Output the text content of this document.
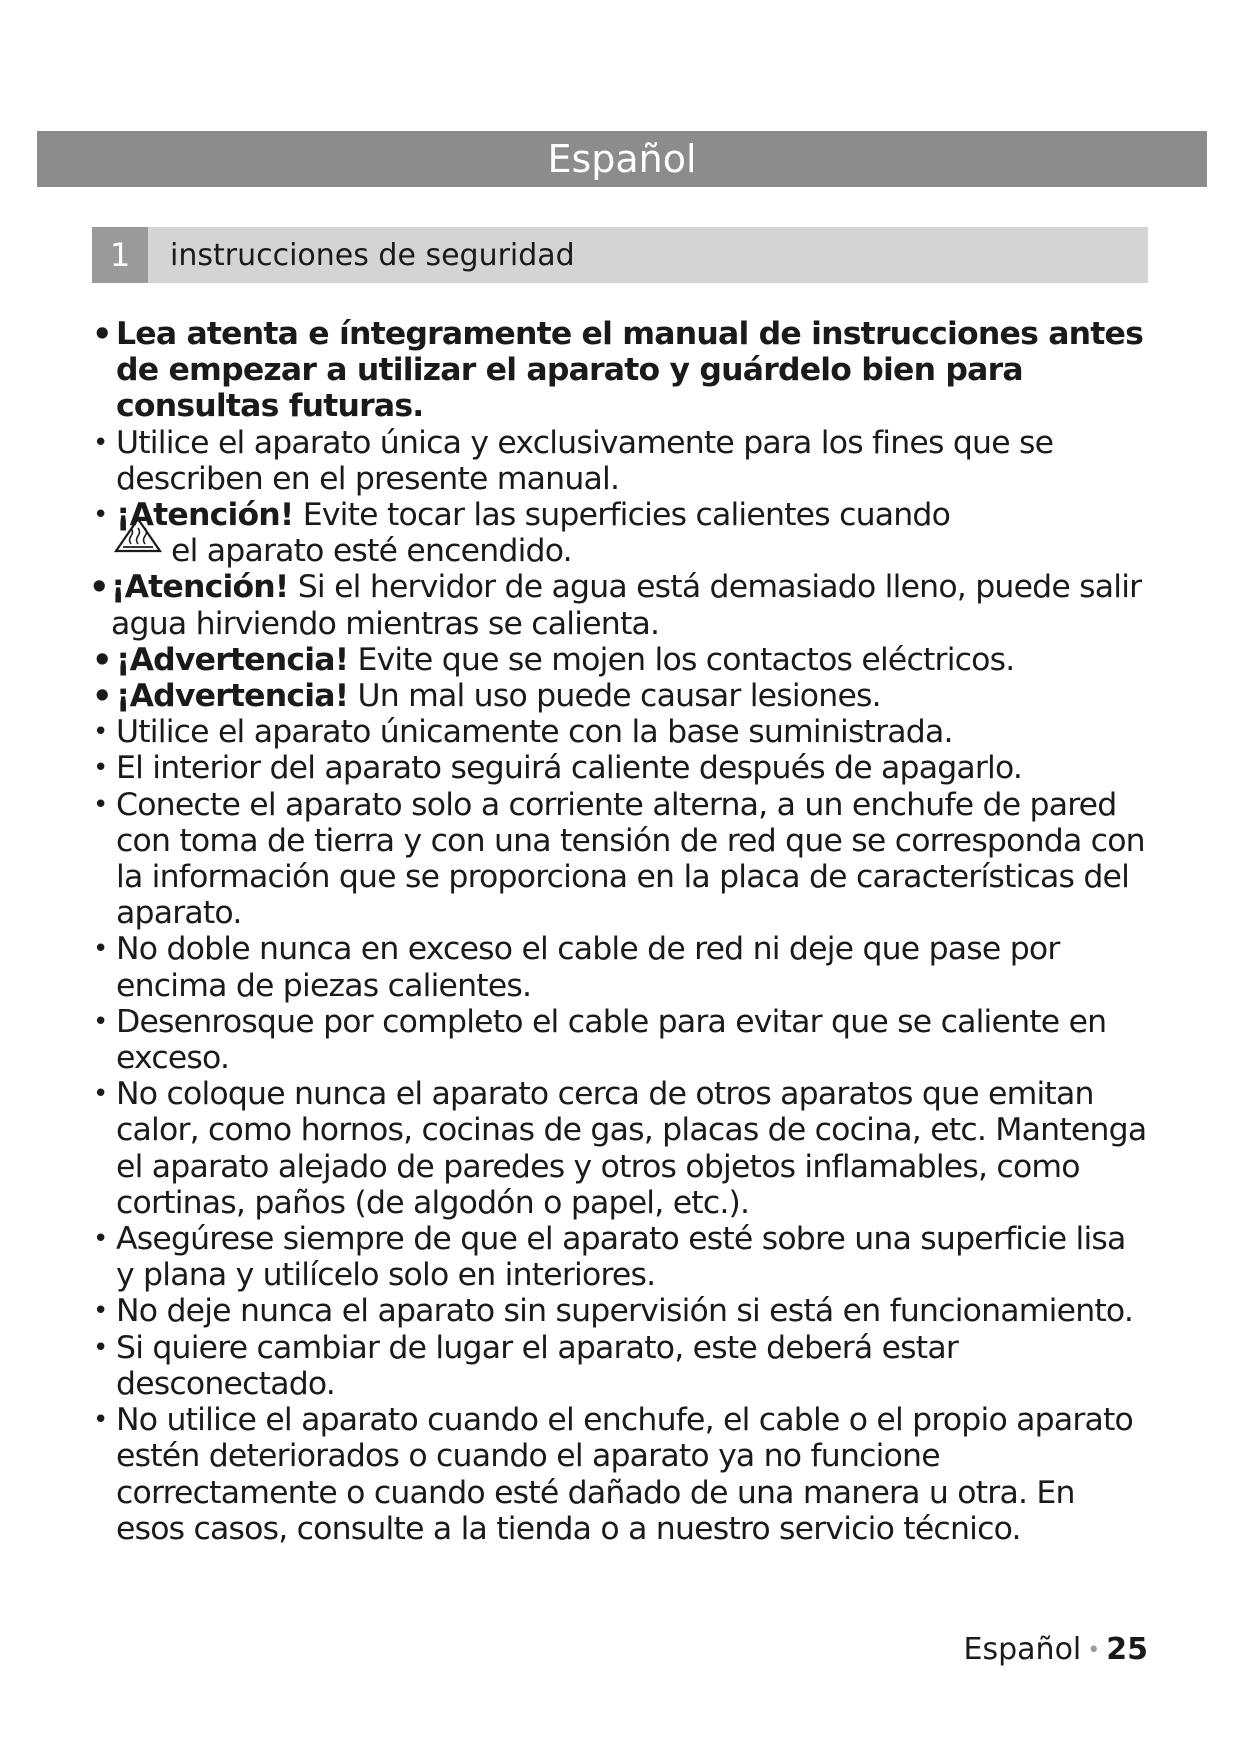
Español
1	instrucciones de seguridad
• Lea atenta e íntegramente el manual de instrucciones antes de empezar a utilizar el aparato y guárdelo bien para consultas futuras.
• Utilice el aparato única y exclusivamente para los fines que se describen en el presente manual.
• ¡Atención! Evite tocar las superficies calientes cuando
el aparato esté encendido.
• ¡Atención! Si el hervidor de agua está demasiado lleno, puede salir agua hirviendo mientras se calienta.
• ¡Advertencia! Evite que se mojen los contactos eléctricos.
• ¡Advertencia! Un mal uso puede causar lesiones.
• Utilice el aparato únicamente con la base suministrada.
• El interior del aparato seguirá caliente después de apagarlo.
• Conecte el aparato solo a corriente alterna, a un enchufe de pared con toma de tierra y con una tensión de red que se corresponda con la información que se proporciona en la placa de características del aparato.
• No doble nunca en exceso el cable de red ni deje que pase por encima de piezas calientes.
• Desenrosque por completo el cable para evitar que se caliente en exceso.
• No coloque nunca el aparato cerca de otros aparatos que emitan calor, como hornos, cocinas de gas, placas de cocina, etc. Mantenga el aparato alejado de paredes y otros objetos inflamables, como cortinas, paños (de algodón o papel, etc.).
• Asegúrese siempre de que el aparato esté sobre una superficie lisa y plana y utilícelo solo en interiores.
• No deje nunca el aparato sin supervisión si está en funcionamiento.
• Si quiere cambiar de lugar el aparato, este deberá estar desconectado.
• No utilice el aparato cuando el enchufe, el cable o el propio aparato estén deteriorados o cuando el aparato ya no funcione correctamente o cuando esté dañado de una manera u otra. En esos casos, consulte a la tienda o a nuestro servicio técnico.
Español • 25
